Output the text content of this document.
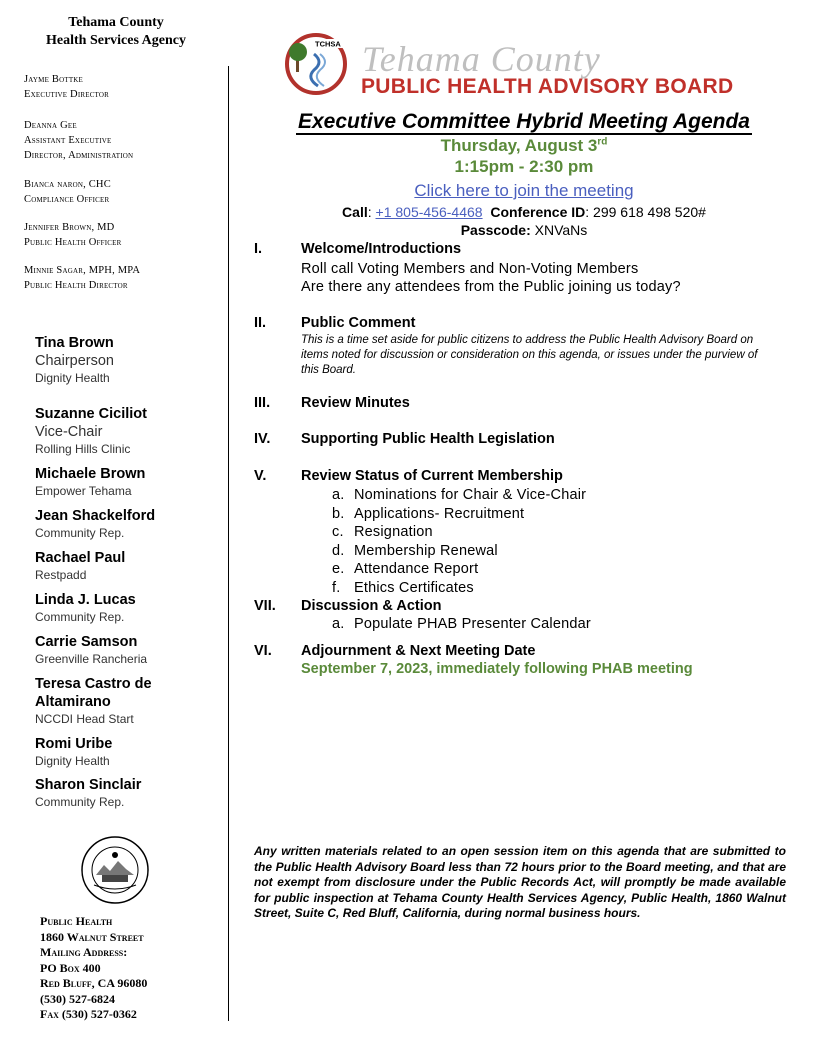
Tehama County
Health Services Agency
Jayme Bottke
Executive Director
Deanna Gee
Assistant Executive
Director, Administration
Bianca naron, CHC
Compliance Officer
Jennifer Brown, MD
Public Health Officer
Minnie Sagar, MPH, MPA
Public Health Director
Tina Brown
Chairperson
Dignity Health
Suzanne Ciciliot
Vice-Chair
Rolling Hills Clinic
Michaele Brown
Empower Tehama
Jean Shackelford
Community Rep.
Rachael Paul
Restpadd
Linda J. Lucas
Community Rep.
Carrie Samson
Greenville Rancheria
Teresa Castro de
Altamirano
NCCDI Head Start
Romi Uribe
Dignity Health
Sharon Sinclair
Community Rep.
Public Health
1860 Walnut Street
Mailing Address:
PO Box 400
Red Bluff, CA 96080
(530) 527-6824
Fax (530) 527-0362
TCHSA Tehama County
PUBLIC HEALTH ADVISORY BOARD
Executive Committee Hybrid Meeting Agenda
Thursday, August 3rd
1:15pm - 2:30 pm
Click here to join the meeting
Call: +1 805-456-4468 Conference ID: 299 618 498 520#
Passcode: XNVaNs
I.	Welcome/Introductions
Roll call Voting Members and Non-Voting Members
Are there any attendees from the Public joining us today?
II. Public Comment
This is a time set aside for public citizens to address the Public Health Advisory Board on items noted for discussion or consideration on this agenda, or issues under the purview of this Board.
III. Review Minutes
IV. Supporting Public Health Legislation
V. Review Status of Current Membership
a. Nominations for Chair & Vice-Chair
b. Applications- Recruitment
c. Resignation
d. Membership Renewal
e. Attendance Report
f. Ethics Certificates
VII. Discussion & Action
a. Populate PHAB Presenter Calendar
VI. Adjournment & Next Meeting Date
September 7, 2023, immediately following PHAB meeting
Any written materials related to an open session item on this agenda that are submitted to the Public Health Advisory Board less than 72 hours prior to the Board meeting, and that are not exempt from disclosure under the Public Records Act, will promptly be made available for public inspection at Tehama County Health Services Agency, Public Health, 1860 Walnut Street, Suite C, Red Bluff, California, during normal business hours.
